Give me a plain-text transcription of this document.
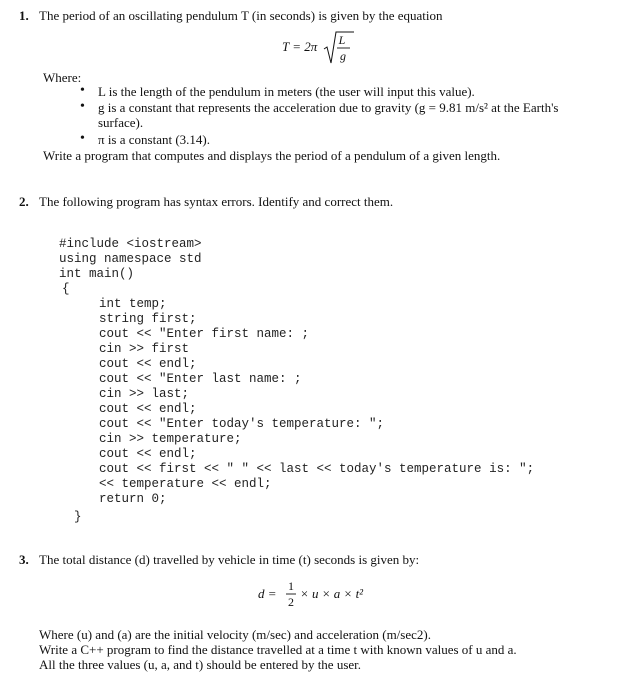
1. The period of an oscillating pendulum T (in seconds) is given by the equation
T = 2π L
g
Where:
• L is the length of the pendulum in meters (the user will input this value).
• g is a constant that represents the acceleration due to gravity (g = 9.81 m/s² at the Earth's
surface).
• π is a constant (3.14).
Write a program that computes and displays the period of a pendulum of a given length.
2. The following program has syntax errors. Identify and correct them.
#include <iostream>
using namespace std
int main()
{
int temp;
string first;
cout << "Enter first name: ;
cin >> first
cout << endl;
cout << "Enter last name: ;
cin >> last;
cout << endl;
cout << "Enter today's temperature: ";
cin >> temperature;
cout << endl;
cout << first << " " << last << today's temperature is: ";
<< temperature << endl;
return 0;
}
3. The total distance (d) travelled by vehicle in time (t) seconds is given by:
d = 1
2
× u × a × t²
Where (u) and (a) are the initial velocity (m/sec) and acceleration (m/sec2).
Write a C++ program to find the distance travelled at a time t with known values of u and a.
All the three values (u, a, and t) should be entered by the user.
